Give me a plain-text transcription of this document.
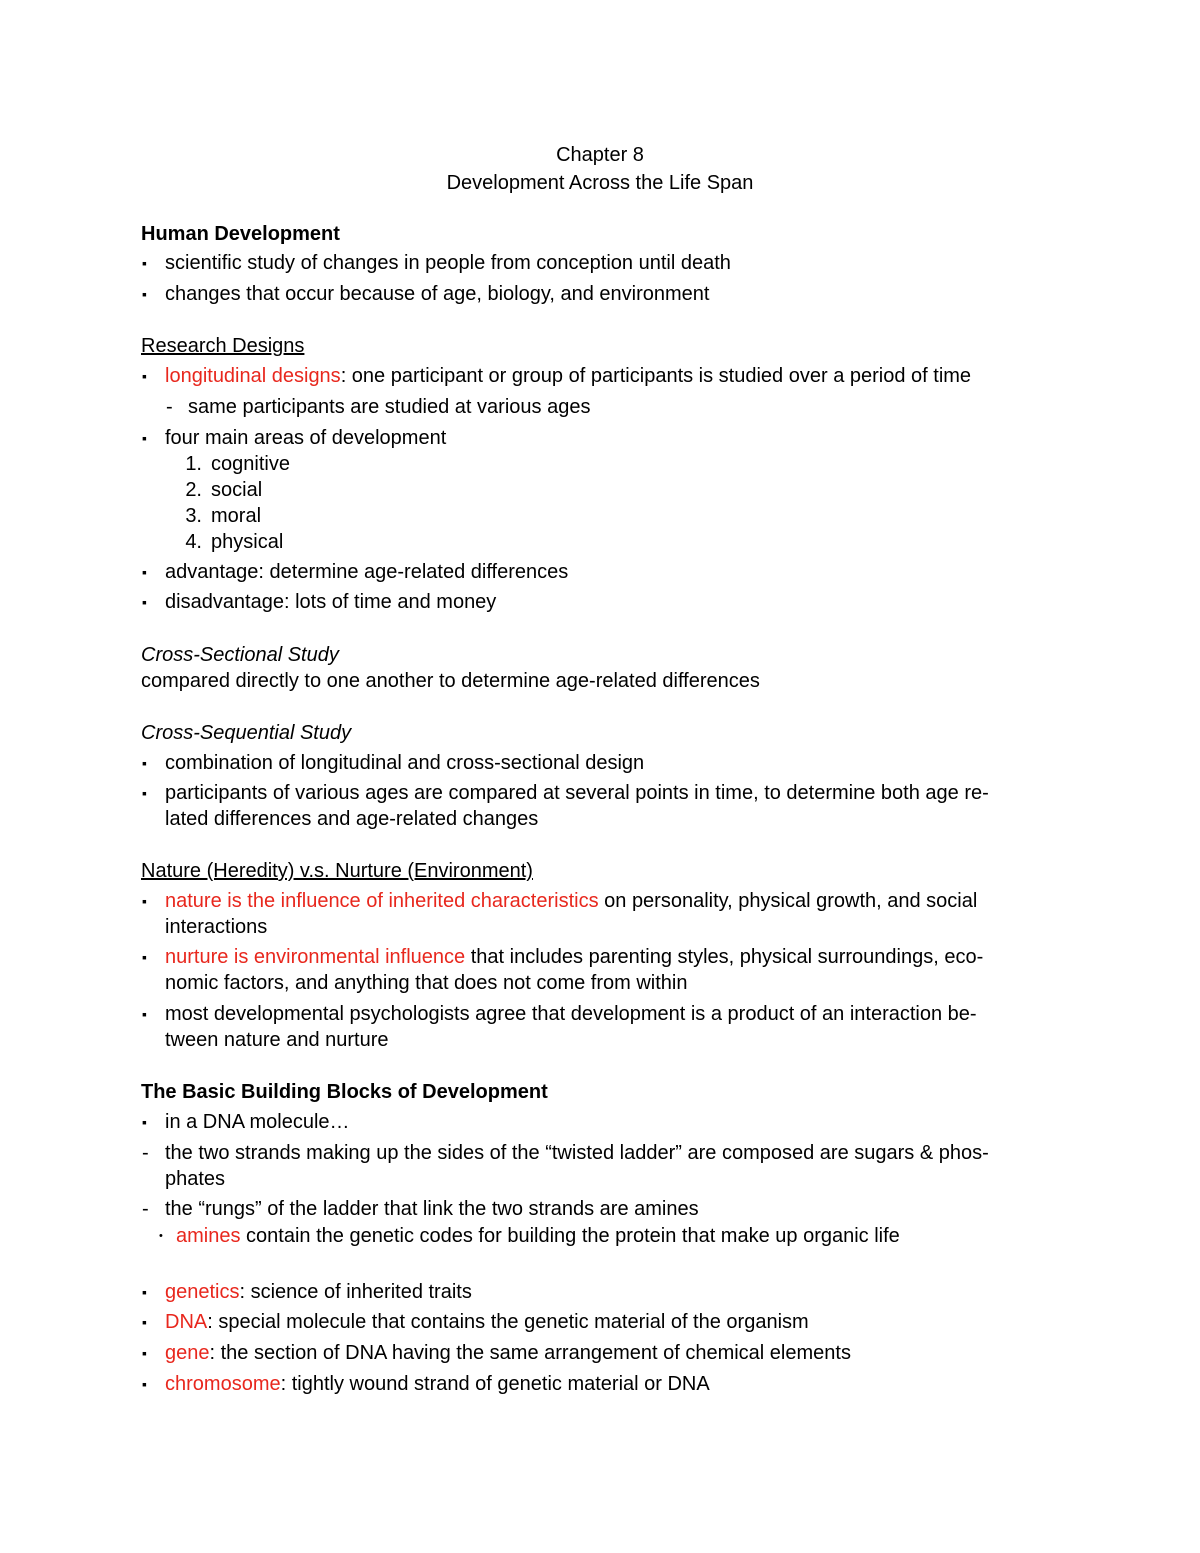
Chapter 8
Development Across the Life Span
Human Development
▪ scientific study of changes in people from conception until death
▪ changes that occur because of age, biology, and environment
Research Designs
▪ longitudinal designs: one participant or group of participants is studied over a period of time
- same participants are studied at various ages
▪ four main areas of development
1. cognitive
2. social
3. moral
4. physical
▪ advantage: determine age-related differences
▪ disadvantage: lots of time and money
Cross-Sectional Study
compared directly to one another to determine age-related differences
Cross-Sequential Study
▪ combination of longitudinal and cross-sectional design
▪ participants of various ages are compared at several points in time, to determine both age re-
lated differences and age-related changes
Nature (Heredity) v.s. Nurture (Environment)
▪ nature is the influence of inherited characteristics on personality, physical growth, and social
interactions
▪ nurture is environmental influence that includes parenting styles, physical surroundings, eco-
nomic factors, and anything that does not come from within
▪ most developmental psychologists agree that development is a product of an interaction be-
tween nature and nurture
The Basic Building Blocks of Development
▪ in a DNA molecule…
- the two strands making up the sides of the “twisted ladder” are composed are sugars & phos-
phates
- the “rungs” of the ladder that link the two strands are amines
• amines contain the genetic codes for building the protein that make up organic life
▪ genetics: science of inherited traits
▪ DNA: special molecule that contains the genetic material of the organism
▪ gene: the section of DNA having the same arrangement of chemical elements
▪ chromosome: tightly wound strand of genetic material or DNA
